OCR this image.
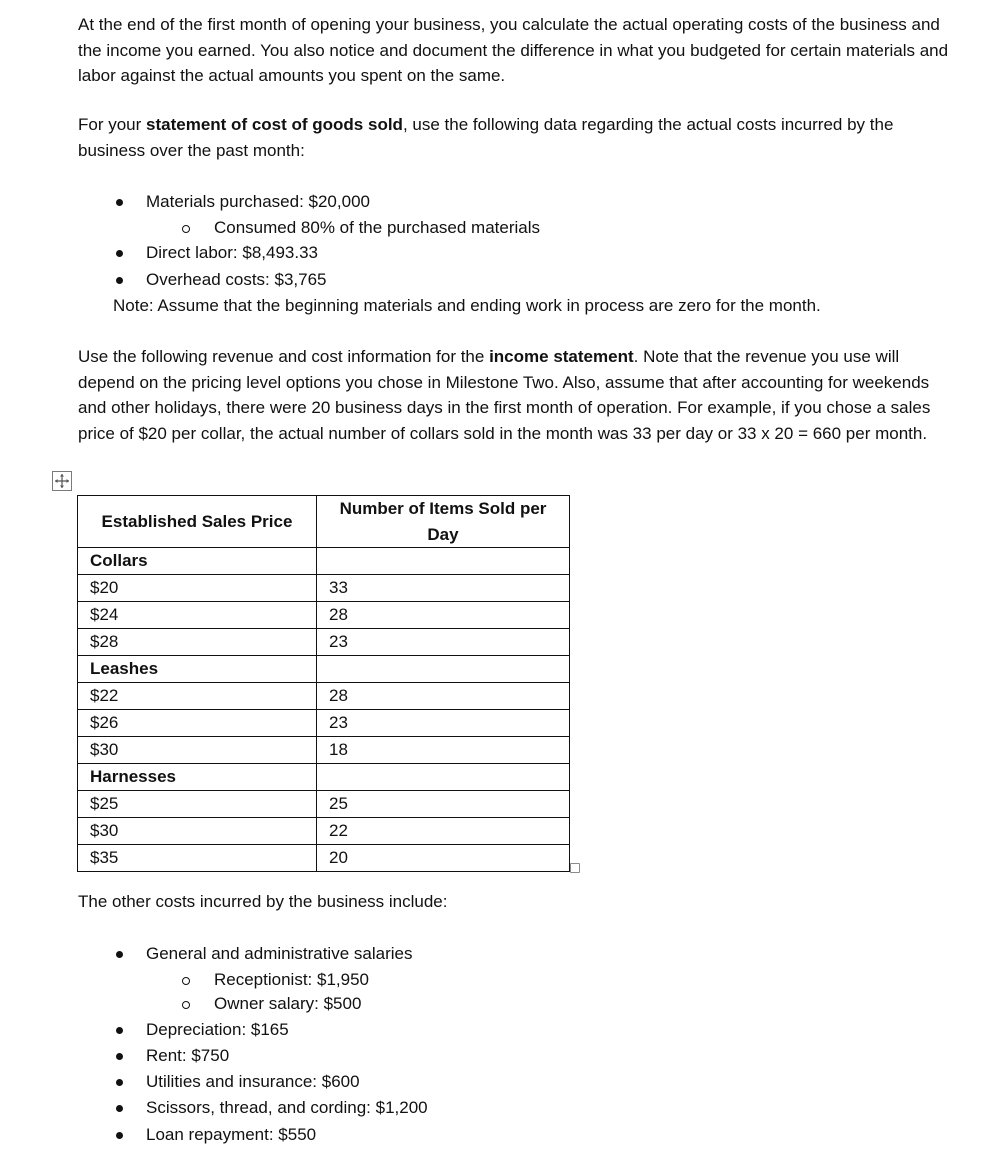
At the end of the first month of opening your business, you calculate the actual operating costs of the business and the income you earned. You also notice and document the difference in what you budgeted for certain materials and labor against the actual amounts you spent on the same.

For your statement of cost of goods sold, use the following data regarding the actual costs incurred by the business over the past month:

Materials purchased: $20,000
Consumed 80% of the purchased materials
Direct labor: $8,493.33
Overhead costs: $3,765
Note: Assume that the beginning materials and ending work in process are zero for the month.

Use the following revenue and cost information for the income statement. Note that the revenue you use will depend on the pricing level options you chose in Milestone Two. Also, assume that after accounting for weekends and other holidays, there were 20 business days in the first month of operation. For example, if you chose a sales price of $20 per collar, the actual number of collars sold in the month was 33 per day or 33 x 20 = 660 per month.

Established Sales Price	Number of Items Sold per Day
Collars	
$20	33
$24	28
$28	23
Leashes	
$22	28
$26	23
$30	18
Harnesses	
$25	25
$30	22
$35	20
The other costs incurred by the business include:
General and administrative salaries
Receptionist: $1,950
Owner salary: $500
Depreciation: $165
Rent: $750
Utilities and insurance: $600
Scissors, thread, and cording: $1,200
Loan repayment: $550
